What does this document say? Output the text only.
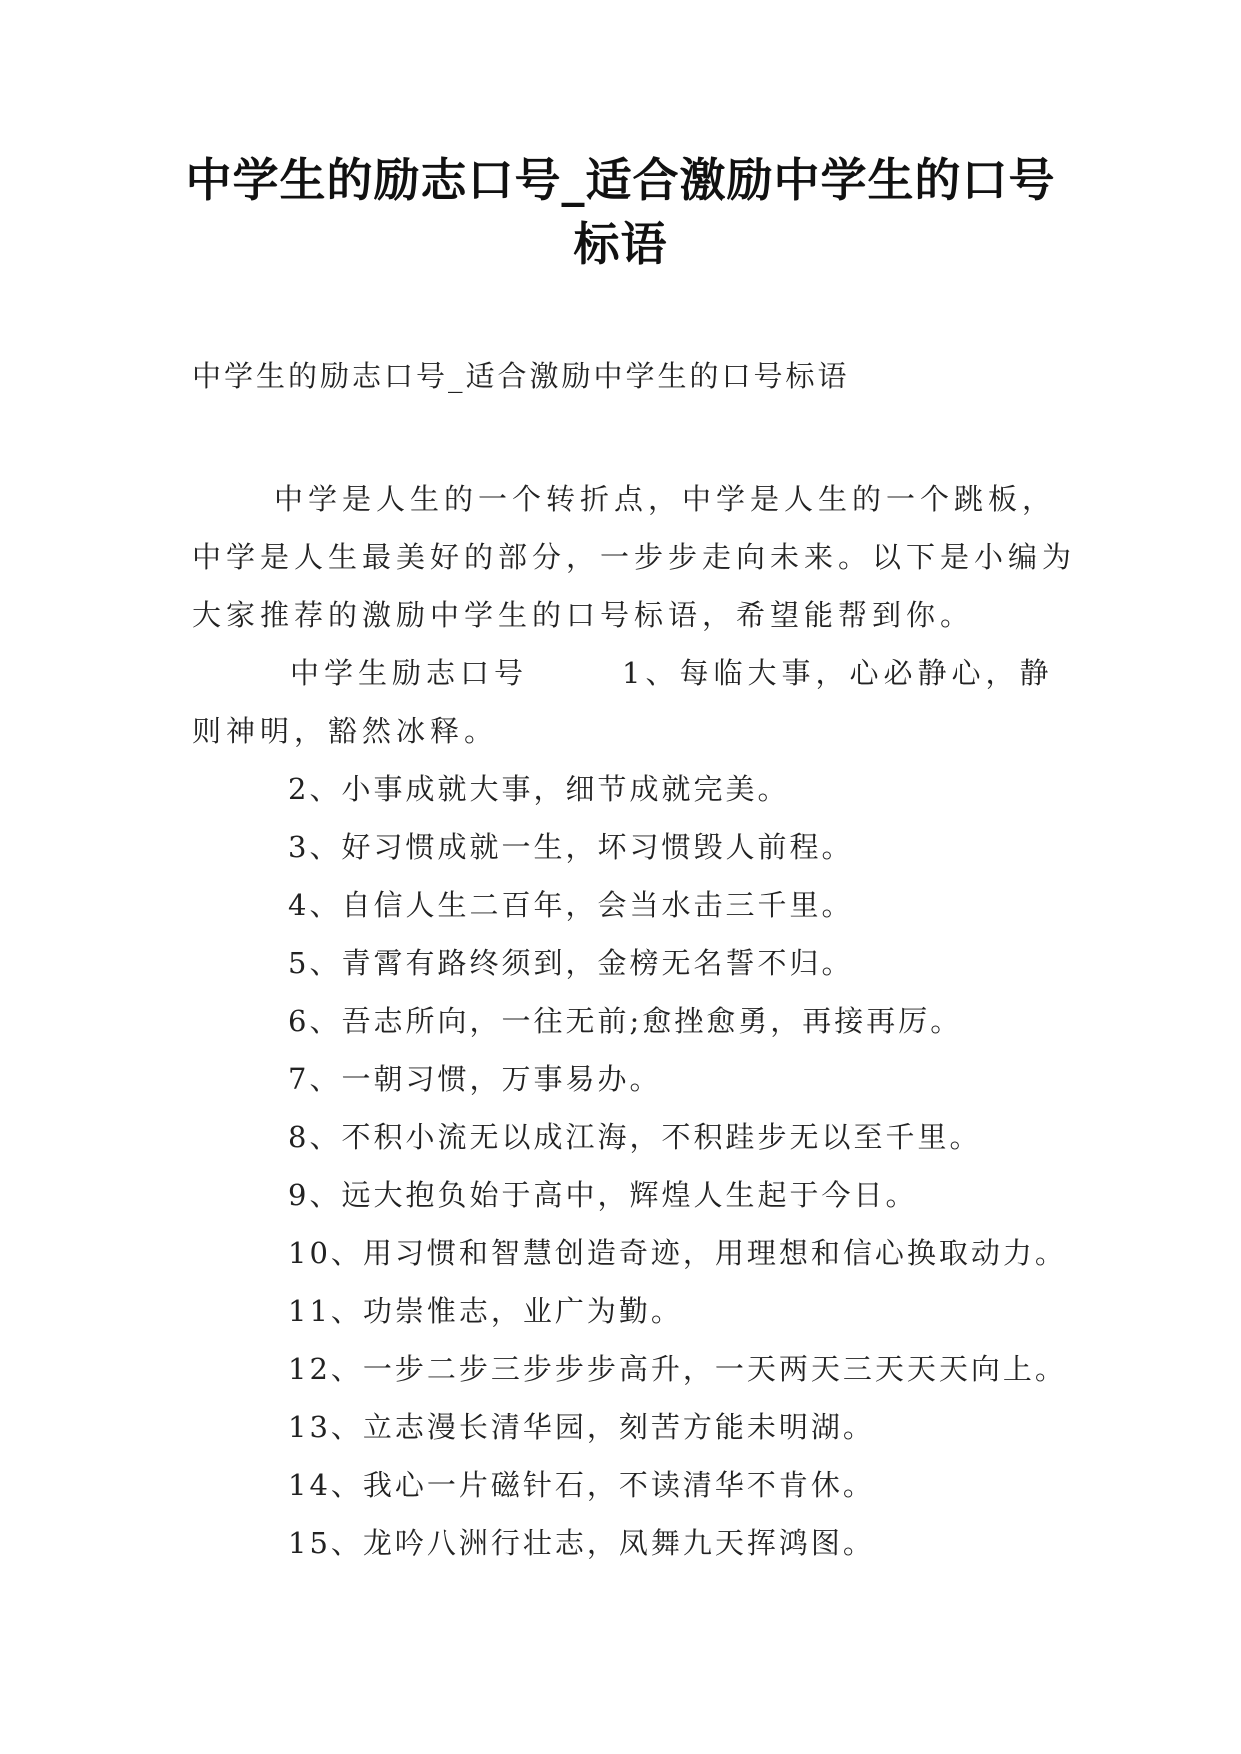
中学生的励志口号_适合激励中学生的口号
标语
中学生的励志口号_适合激励中学生的口号标语
中学是人生的一个转折点，中学是人生的一个跳板，
中学是人生最美好的部分，一步步走向未来。以下是小编为
大家推荐的激励中学生的口号标语，希望能帮到你。
中学生励志口号	1、每临大事，心必静心，静
则神明，豁然冰释。
2、小事成就大事，细节成就完美。
3、好习惯成就一生，坏习惯毁人前程。
4、自信人生二百年，会当水击三千里。
5、青霄有路终须到，金榜无名誓不归。
6、吾志所向，一往无前;愈挫愈勇，再接再厉。
7、一朝习惯，万事易办。
8、不积小流无以成江海，不积跬步无以至千里。
9、远大抱负始于高中，辉煌人生起于今日。
10、用习惯和智慧创造奇迹，用理想和信心换取动力。
11、功崇惟志，业广为勤。
12、一步二步三步步步高升，一天两天三天天天向上。
13、立志漫长清华园，刻苦方能未明湖。
14、我心一片磁针石，不读清华不肯休。
15、龙吟八洲行壮志，凤舞九天挥鸿图。
